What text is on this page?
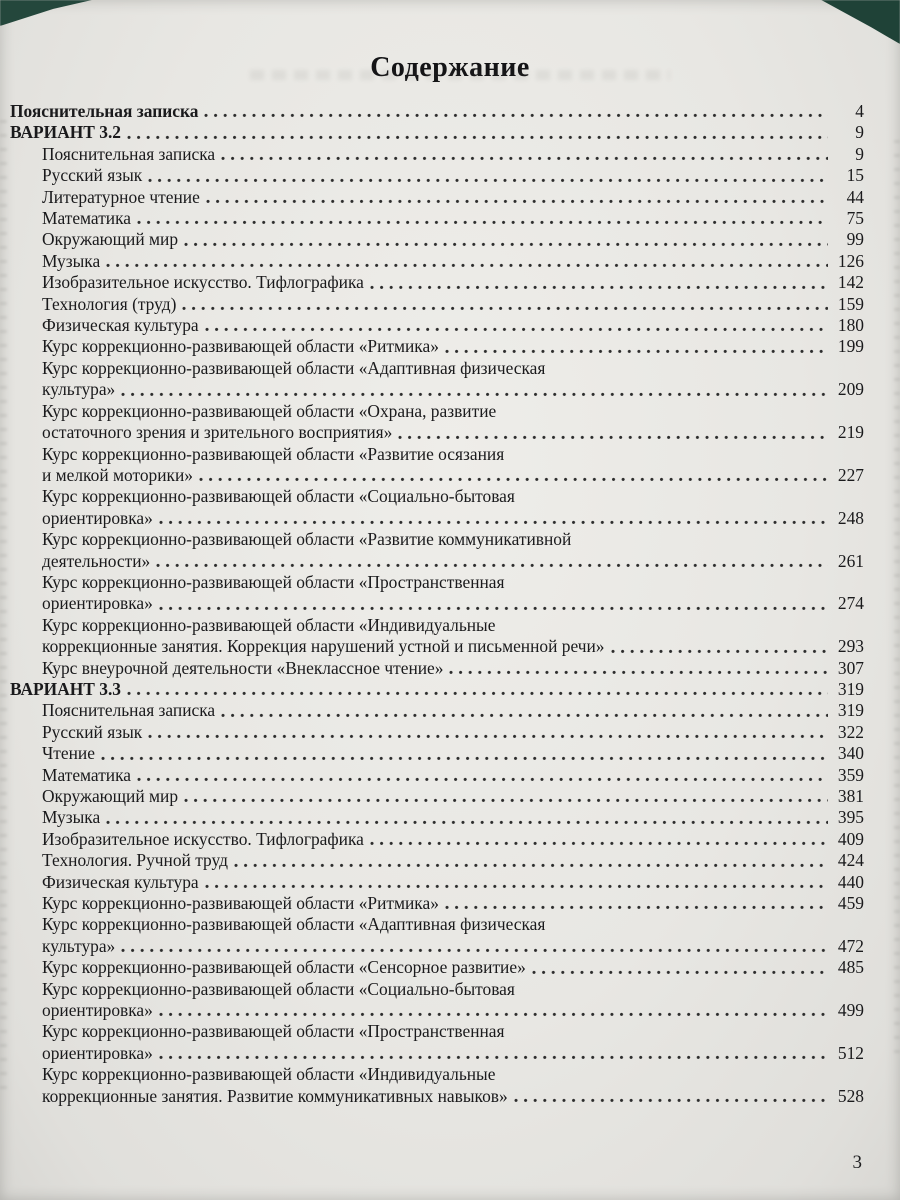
Содержание
Пояснительная записка	4
ВАРИАНТ 3.2	9
Пояснительная записка	9
Русский язык	15
Литературное чтение	44
Математика	75
Окружающий мир	99
Музыка	126
Изобразительное искусство. Тифлографика	142
Технология (труд)	159
Физическая культура	180
Курс коррекционно-развивающей области «Ритмика»	199
Курс коррекционно-развивающей области «Адаптивная физическая
культура»	209
Курс коррекционно-развивающей области «Охрана, развитие
остаточного зрения и зрительного восприятия»	219
Курс коррекционно-развивающей области «Развитие осязания
и мелкой моторики»	227
Курс коррекционно-развивающей области «Социально-бытовая
ориентировка»	248
Курс коррекционно-развивающей области «Развитие коммуникативной
деятельности»	261
Курс коррекционно-развивающей области «Пространственная
ориентировка»	274
Курс коррекционно-развивающей области «Индивидуальные
коррекционные занятия. Коррекция нарушений устной и письменной речи»	293
Курс внеурочной деятельности «Внеклассное чтение»	307
ВАРИАНТ 3.3	319
Пояснительная записка	319
Русский язык	322
Чтение	340
Математика	359
Окружающий мир	381
Музыка	395
Изобразительное искусство. Тифлографика	409
Технология. Ручной труд	424
Физическая культура	440
Курс коррекционно-развивающей области «Ритмика»	459
Курс коррекционно-развивающей области «Адаптивная физическая
культура»	472
Курс коррекционно-развивающей области «Сенсорное развитие»	485
Курс коррекционно-развивающей области «Социально-бытовая
ориентировка»	499
Курс коррекционно-развивающей области «Пространственная
ориентировка»	512
Курс коррекционно-развивающей области «Индивидуальные
коррекционные занятия. Развитие коммуникативных навыков»	528
3
